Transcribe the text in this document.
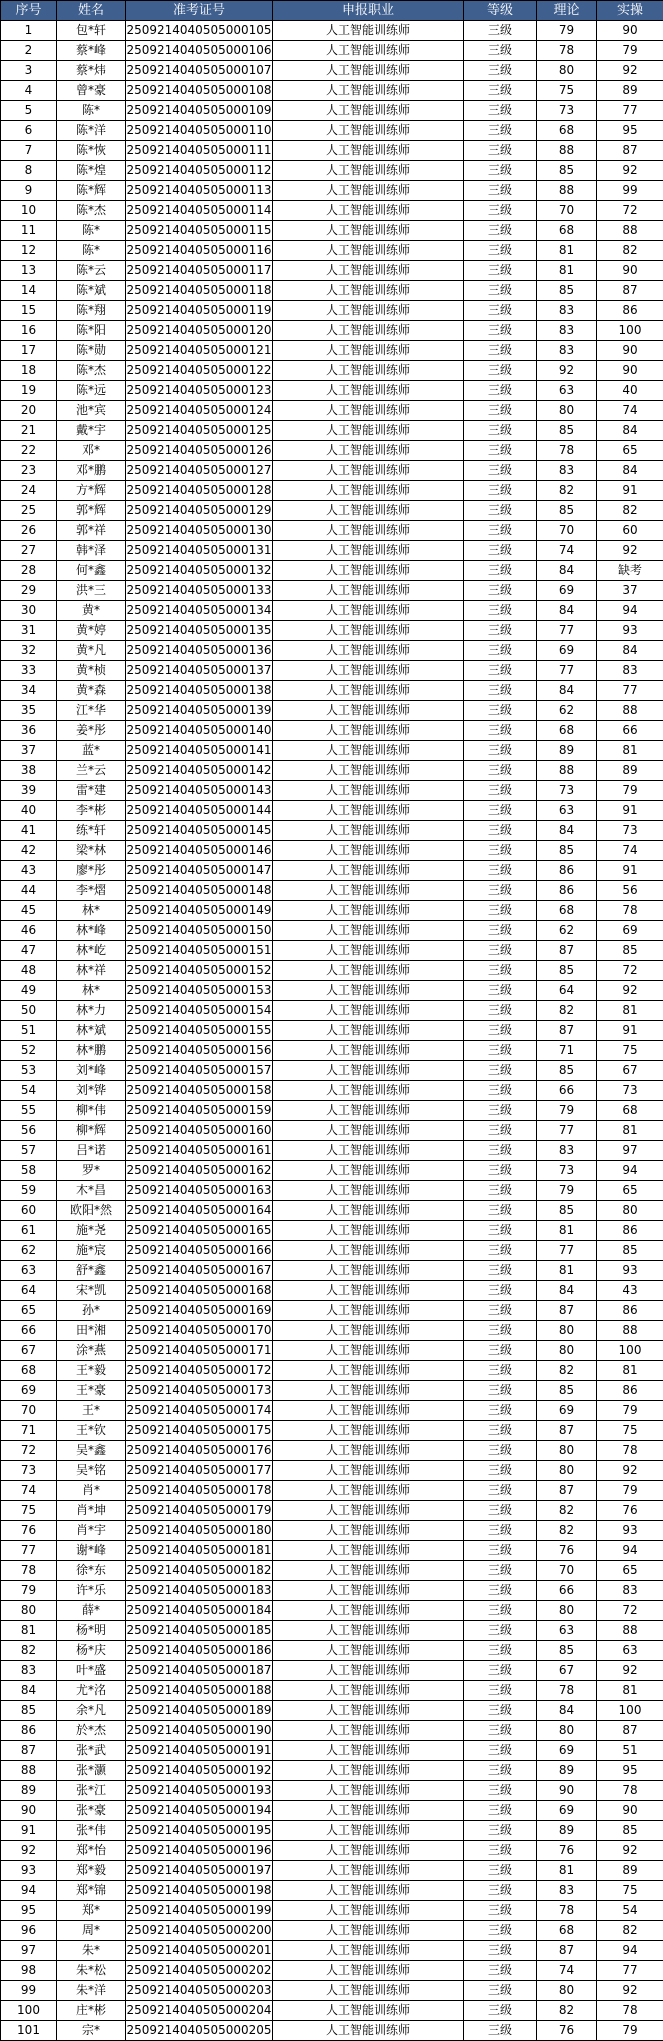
序号	姓名	准考证号	申报职业	等级	理论	实操
1	包*轩	2509214040505000105	人工智能训练师	三级	79	90
2	蔡*峰	2509214040505000106	人工智能训练师	三级	78	79
3	蔡*炜	2509214040505000107	人工智能训练师	三级	80	92
4	曾*豪	2509214040505000108	人工智能训练师	三级	75	89
5	陈*	2509214040505000109	人工智能训练师	三级	73	77
6	陈*洋	2509214040505000110	人工智能训练师	三级	68	95
7	陈*恢	2509214040505000111	人工智能训练师	三级	88	87
8	陈*煌	2509214040505000112	人工智能训练师	三级	85	92
9	陈*辉	2509214040505000113	人工智能训练师	三级	88	99
10	陈*杰	2509214040505000114	人工智能训练师	三级	70	72
11	陈*	2509214040505000115	人工智能训练师	三级	68	88
12	陈*	2509214040505000116	人工智能训练师	三级	81	82
13	陈*云	2509214040505000117	人工智能训练师	三级	81	90
14	陈*斌	2509214040505000118	人工智能训练师	三级	85	87
15	陈*翔	2509214040505000119	人工智能训练师	三级	83	86
16	陈*阳	2509214040505000120	人工智能训练师	三级	83	100
17	陈*勋	2509214040505000121	人工智能训练师	三级	83	90
18	陈*杰	2509214040505000122	人工智能训练师	三级	92	90
19	陈*远	2509214040505000123	人工智能训练师	三级	63	40
20	池*宾	2509214040505000124	人工智能训练师	三级	80	74
21	戴*宇	2509214040505000125	人工智能训练师	三级	85	84
22	邓*	2509214040505000126	人工智能训练师	三级	78	65
23	邓*鹏	2509214040505000127	人工智能训练师	三级	83	84
24	方*辉	2509214040505000128	人工智能训练师	三级	82	91
25	郭*辉	2509214040505000129	人工智能训练师	三级	85	82
26	郭*祥	2509214040505000130	人工智能训练师	三级	70	60
27	韩*泽	2509214040505000131	人工智能训练师	三级	74	92
28	何*鑫	2509214040505000132	人工智能训练师	三级	84	缺考
29	洪*三	2509214040505000133	人工智能训练师	三级	69	37
30	黄*	2509214040505000134	人工智能训练师	三级	84	94
31	黄*婷	2509214040505000135	人工智能训练师	三级	77	93
32	黄*凡	2509214040505000136	人工智能训练师	三级	69	84
33	黄*桢	2509214040505000137	人工智能训练师	三级	77	83
34	黄*森	2509214040505000138	人工智能训练师	三级	84	77
35	江*华	2509214040505000139	人工智能训练师	三级	62	88
36	姜*彤	2509214040505000140	人工智能训练师	三级	68	66
37	蓝*	2509214040505000141	人工智能训练师	三级	89	81
38	兰*云	2509214040505000142	人工智能训练师	三级	88	89
39	雷*建	2509214040505000143	人工智能训练师	三级	73	79
40	李*彬	2509214040505000144	人工智能训练师	三级	63	91
41	练*轩	2509214040505000145	人工智能训练师	三级	84	73
42	梁*林	2509214040505000146	人工智能训练师	三级	85	74
43	廖*彤	2509214040505000147	人工智能训练师	三级	86	91
44	李*熠	2509214040505000148	人工智能训练师	三级	86	56
45	林*	2509214040505000149	人工智能训练师	三级	68	78
46	林*峰	2509214040505000150	人工智能训练师	三级	62	69
47	林*屹	2509214040505000151	人工智能训练师	三级	87	85
48	林*祥	2509214040505000152	人工智能训练师	三级	85	72
49	林*	2509214040505000153	人工智能训练师	三级	64	92
50	林*力	2509214040505000154	人工智能训练师	三级	82	81
51	林*斌	2509214040505000155	人工智能训练师	三级	87	91
52	林*鹏	2509214040505000156	人工智能训练师	三级	71	75
53	刘*峰	2509214040505000157	人工智能训练师	三级	85	67
54	刘*铧	2509214040505000158	人工智能训练师	三级	66	73
55	柳*伟	2509214040505000159	人工智能训练师	三级	79	68
56	柳*辉	2509214040505000160	人工智能训练师	三级	77	81
57	吕*诺	2509214040505000161	人工智能训练师	三级	83	97
58	罗*	2509214040505000162	人工智能训练师	三级	73	94
59	木*昌	2509214040505000163	人工智能训练师	三级	79	65
60	欧阳*然	2509214040505000164	人工智能训练师	三级	85	80
61	施*尧	2509214040505000165	人工智能训练师	三级	81	86
62	施*宸	2509214040505000166	人工智能训练师	三级	77	85
63	舒*鑫	2509214040505000167	人工智能训练师	三级	81	93
64	宋*凯	2509214040505000168	人工智能训练师	三级	84	43
65	孙*	2509214040505000169	人工智能训练师	三级	87	86
66	田*湘	2509214040505000170	人工智能训练师	三级	80	88
67	涂*燕	2509214040505000171	人工智能训练师	三级	80	100
68	王*毅	2509214040505000172	人工智能训练师	三级	82	81
69	王*豪	2509214040505000173	人工智能训练师	三级	85	86
70	王*	2509214040505000174	人工智能训练师	三级	69	79
71	王*钦	2509214040505000175	人工智能训练师	三级	87	75
72	吴*鑫	2509214040505000176	人工智能训练师	三级	80	78
73	吴*铭	2509214040505000177	人工智能训练师	三级	80	92
74	肖*	2509214040505000178	人工智能训练师	三级	87	79
75	肖*坤	2509214040505000179	人工智能训练师	三级	82	76
76	肖*宇	2509214040505000180	人工智能训练师	三级	82	93
77	谢*峰	2509214040505000181	人工智能训练师	三级	76	94
78	徐*东	2509214040505000182	人工智能训练师	三级	70	65
79	许*乐	2509214040505000183	人工智能训练师	三级	66	83
80	薛*	2509214040505000184	人工智能训练师	三级	80	72
81	杨*明	2509214040505000185	人工智能训练师	三级	63	88
82	杨*庆	2509214040505000186	人工智能训练师	三级	85	63
83	叶*盛	2509214040505000187	人工智能训练师	三级	67	92
84	尤*洺	2509214040505000188	人工智能训练师	三级	78	81
85	余*凡	2509214040505000189	人工智能训练师	三级	84	100
86	於*杰	2509214040505000190	人工智能训练师	三级	80	87
87	张*武	2509214040505000191	人工智能训练师	三级	69	51
88	张*灏	2509214040505000192	人工智能训练师	三级	89	95
89	张*江	2509214040505000193	人工智能训练师	三级	90	78
90	张*豪	2509214040505000194	人工智能训练师	三级	69	90
91	张*伟	2509214040505000195	人工智能训练师	三级	89	85
92	郑*怡	2509214040505000196	人工智能训练师	三级	76	92
93	郑*毅	2509214040505000197	人工智能训练师	三级	81	89
94	郑*锦	2509214040505000198	人工智能训练师	三级	83	75
95	郑*	2509214040505000199	人工智能训练师	三级	78	54
96	周*	2509214040505000200	人工智能训练师	三级	68	82
97	朱*	2509214040505000201	人工智能训练师	三级	87	94
98	朱*松	2509214040505000202	人工智能训练师	三级	74	77
99	朱*洋	2509214040505000203	人工智能训练师	三级	80	92
100	庄*彬	2509214040505000204	人工智能训练师	三级	82	78
101	宗*	2509214040505000205	人工智能训练师	三级	76	79
